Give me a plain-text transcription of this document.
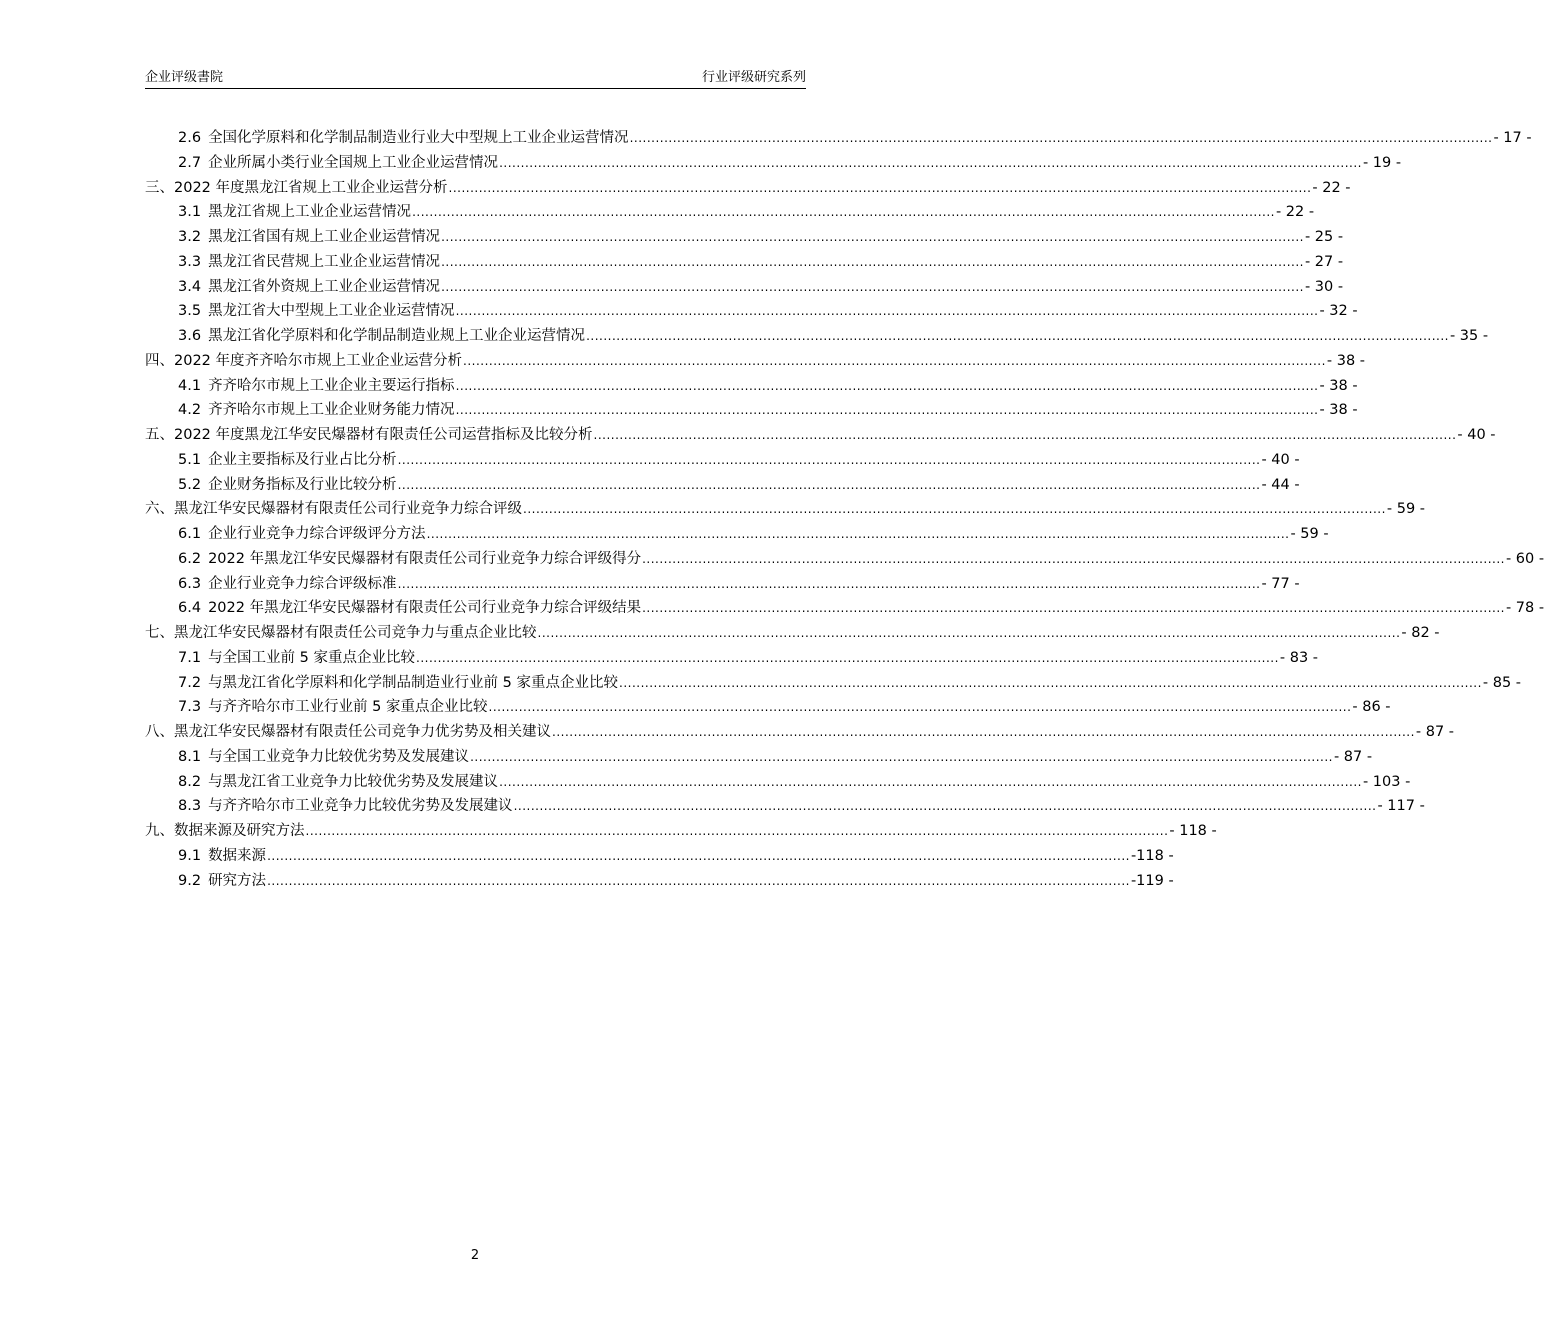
企业评级書院	行业评级研究系列
2.6 全国化学原料和化学制品制造业行业大中型规上工业企业运营情况 ........................................................................................................................................................................................................ - 17 -
2.7 企业所属小类行业全国规上工业企业运营情况 ........................................................................................................................................................................................................ - 19 -
三、2022 年度黑龙江省规上工业企业运营分析 ........................................................................................................................................................................................................ - 22 -
3.1 黑龙江省规上工业企业运营情况 ........................................................................................................................................................................................................ - 22 -
3.2 黑龙江省国有规上工业企业运营情况 ........................................................................................................................................................................................................ - 25 -
3.3 黑龙江省民营规上工业企业运营情况 ........................................................................................................................................................................................................ - 27 -
3.4 黑龙江省外资规上工业企业运营情况 ........................................................................................................................................................................................................ - 30 -
3.5 黑龙江省大中型规上工业企业运营情况 ........................................................................................................................................................................................................ - 32 -
3.6 黑龙江省化学原料和化学制品制造业规上工业企业运营情况 ........................................................................................................................................................................................................ - 35 -
四、2022 年度齐齐哈尔市规上工业企业运营分析 ........................................................................................................................................................................................................ - 38 -
4.1 齐齐哈尔市规上工业企业主要运行指标 ........................................................................................................................................................................................................ - 38 -
4.2 齐齐哈尔市规上工业企业财务能力情况 ........................................................................................................................................................................................................ - 38 -
五、2022 年度黑龙江华安民爆器材有限责任公司运营指标及比较分析 ........................................................................................................................................................................................................ - 40 -
5.1 企业主要指标及行业占比分析 ........................................................................................................................................................................................................ - 40 -
5.2 企业财务指标及行业比较分析 ........................................................................................................................................................................................................ - 44 -
六、黑龙江华安民爆器材有限责任公司行业竞争力综合评级 ........................................................................................................................................................................................................ - 59 -
6.1 企业行业竞争力综合评级评分方法 ........................................................................................................................................................................................................ - 59 -
6.2 2022 年黑龙江华安民爆器材有限责任公司行业竞争力综合评级得分 ........................................................................................................................................................................................................ - 60 -
6.3 企业行业竞争力综合评级标准 ........................................................................................................................................................................................................ - 77 -
6.4 2022 年黑龙江华安民爆器材有限责任公司行业竞争力综合评级结果 ........................................................................................................................................................................................................ - 78 -
七、黑龙江华安民爆器材有限责任公司竞争力与重点企业比较 ........................................................................................................................................................................................................ - 82 -
7.1 与全国工业前 5 家重点企业比较 ........................................................................................................................................................................................................ - 83 -
7.2 与黑龙江省化学原料和化学制品制造业行业前 5 家重点企业比较 ........................................................................................................................................................................................................ - 85 -
7.3 与齐齐哈尔市工业行业前 5 家重点企业比较 ........................................................................................................................................................................................................ - 86 -
八、黑龙江华安民爆器材有限责任公司竞争力优劣势及相关建议 ........................................................................................................................................................................................................ - 87 -
8.1 与全国工业竞争力比较优劣势及发展建议 ........................................................................................................................................................................................................ - 87 -
8.2 与黑龙江省工业竞争力比较优劣势及发展建议 ........................................................................................................................................................................................................ - 103 -
8.3 与齐齐哈尔市工业竞争力比较优劣势及发展建议 ........................................................................................................................................................................................................ - 117 -
九、数据来源及研究方法 ........................................................................................................................................................................................................ - 118 -
9.1 数据来源 ........................................................................................................................................................................................................ -118 -
9.2 研究方法 ........................................................................................................................................................................................................ -119 -
2
